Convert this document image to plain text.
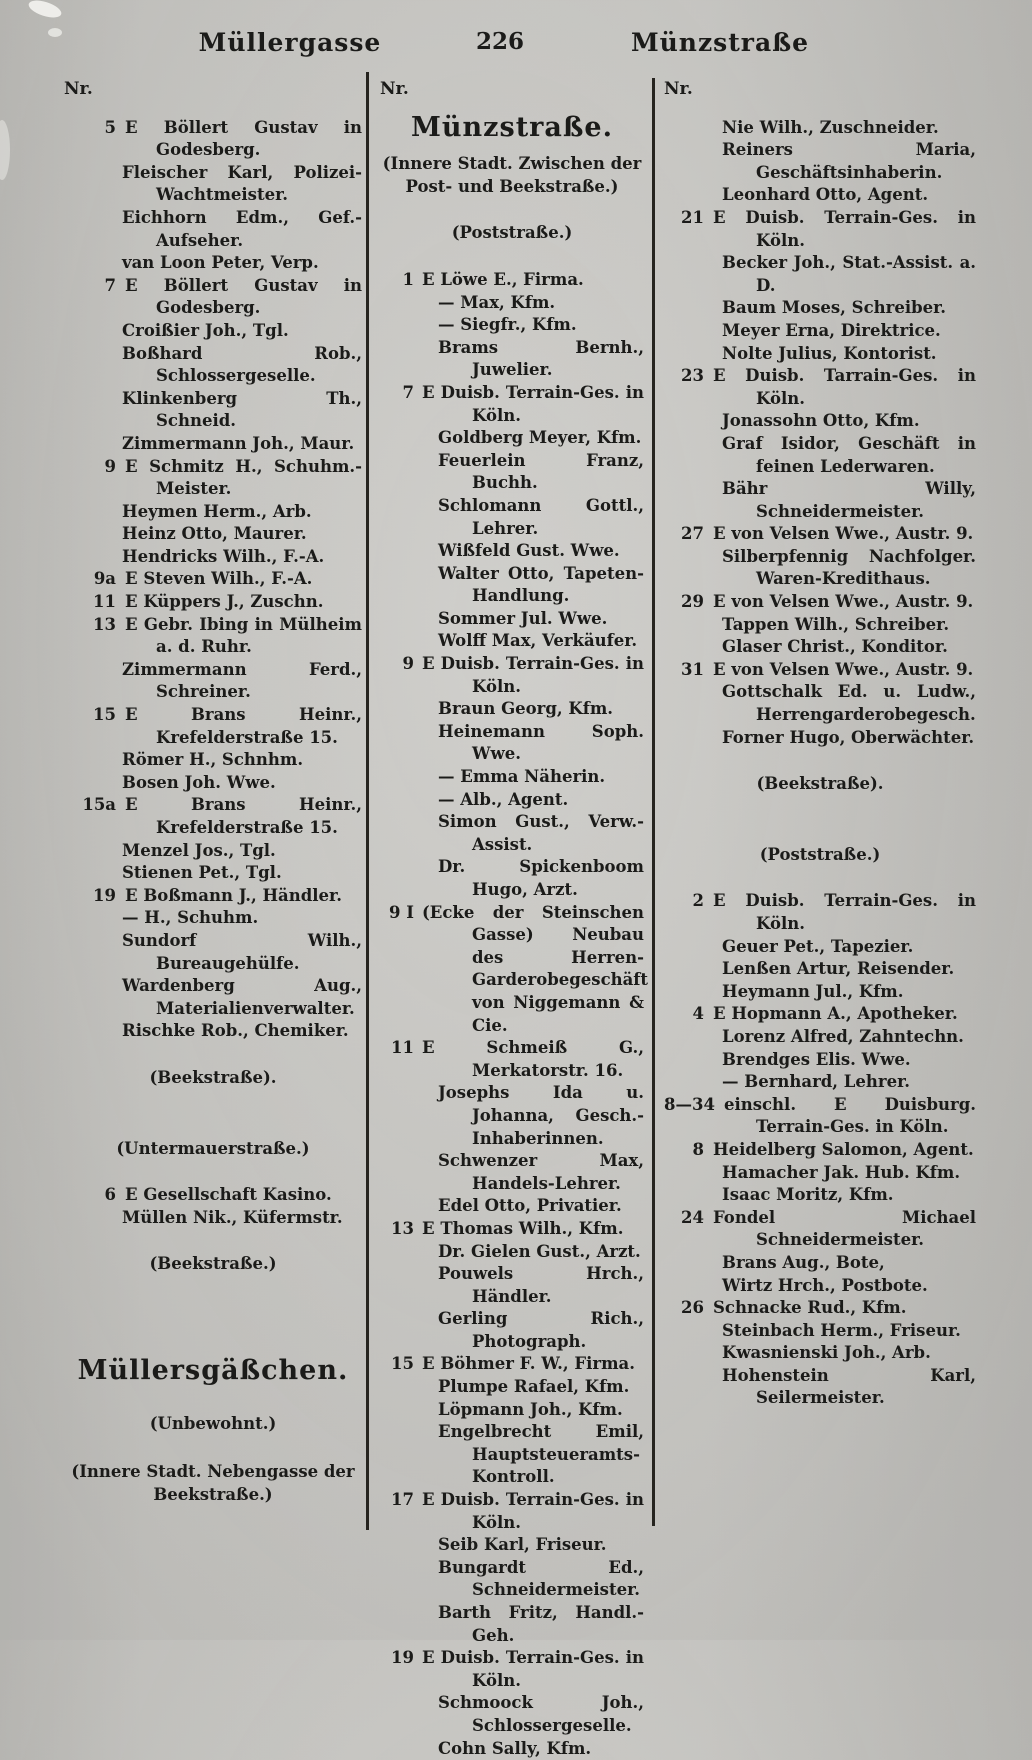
Müllergasse	226	Münzstraße
Nr.
5 E Böllert Gustav in Godesberg.
Fleischer Karl, Polizei-Wachtmeister.
Eichhorn Edm., Gef.-Aufseher.
van Loon Peter, Verp.
7 E Böllert Gustav in Godesberg.
Croißier Joh., Tgl.
Boßhard Rob., Schlossergeselle.
Klinkenberg Th., Schneid.
Zimmermann Joh., Maur.
9 E Schmitz H., Schuhm.-Meister.
Heymen Herm., Arb.
Heinz Otto, Maurer.
Hendricks Wilh., F.-A.
9a E Steven Wilh., F.-A.
11 E Küppers J., Zuschn.
13 E Gebr. Ibing in Mülheim a. d. Ruhr.
Zimmermann Ferd., Schreiner.
15 E Brans Heinr., Krefelderstraße 15.
Römer H., Schnhm.
Bosen Joh. Wwe.
15a E Brans Heinr., Krefelderstraße 15.
Menzel Jos., Tgl.
Stienen Pet., Tgl.
19 E Boßmann J., Händler.
— H., Schuhm.
Sundorf Wilh., Bureaugehülfe.
Wardenberg Aug., Materialienverwalter.
Rischke Rob., Chemiker.
(Beekstraße).
(Untermauerstraße.)
6 E Gesellschaft Kasino.
Müllen Nik., Küfermstr.
(Beekstraße.)
Müllersgäßchen.
(Unbewohnt.)
(Innere Stadt. Nebengasse der Beekstraße.)
Nr.
Münzstraße.
(Innere Stadt. Zwischen der Post- und Beekstraße.)
(Poststraße.)
1 E Löwe E., Firma.
— Max, Kfm.
— Siegfr., Kfm.
Brams Bernh., Juwelier.
7 E Duisb. Terrain-Ges. in Köln.
Goldberg Meyer, Kfm.
Feuerlein Franz, Buchh.
Schlomann Gottl., Lehrer.
Wißfeld Gust. Wwe.
Walter Otto, Tapeten-Handlung.
Sommer Jul. Wwe.
Wolff Max, Verkäufer.
9 E Duisb. Terrain-Ges. in Köln.
Braun Georg, Kfm.
Heinemann Soph. Wwe.
— Emma Näherin.
— Alb., Agent.
Simon Gust., Verw.-Assist.
Dr. Spickenboom Hugo, Arzt.
9 I (Ecke der Steinschen Gasse) Neubau des Herren-Garderobegeschäft von Niggemann & Cie.
11 E Schmeiß G., Merkatorstr. 16.
Josephs Ida u. Johanna, Gesch.-Inhaberinnen.
Schwenzer Max, Handels-Lehrer.
Edel Otto, Privatier.
13 E Thomas Wilh., Kfm.
Dr. Gielen Gust., Arzt.
Pouwels Hrch., Händler.
Gerling Rich., Photograph.
15 E Böhmer F. W., Firma.
Plumpe Rafael, Kfm.
Löpmann Joh., Kfm.
Engelbrecht Emil, Hauptsteueramts-Kontroll.
17 E Duisb. Terrain-Ges. in Köln.
Seib Karl, Friseur.
Bungardt Ed., Schneidermeister.
Barth Fritz, Handl.-Geh.
19 E Duisb. Terrain-Ges. in Köln.
Schmoock Joh., Schlossergeselle.
Cohn Sally, Kfm.
Nr.
Nie Wilh., Zuschneider.
Reiners Maria, Geschäftsinhaberin.
Leonhard Otto, Agent.
21 E Duisb. Terrain-Ges. in Köln.
Becker Joh., Stat.-Assist. a. D.
Baum Moses, Schreiber.
Meyer Erna, Direktrice.
Nolte Julius, Kontorist.
23 E Duisb. Tarrain-Ges. in Köln.
Jonassohn Otto, Kfm.
Graf Isidor, Geschäft in feinen Lederwaren.
Bähr Willy, Schneidermeister.
27 E von Velsen Wwe., Austr. 9.
Silberpfennig Nachfolger. Waren-Kredithaus.
29 E von Velsen Wwe., Austr. 9.
Tappen Wilh., Schreiber.
Glaser Christ., Konditor.
31 E von Velsen Wwe., Austr. 9.
Gottschalk Ed. u. Ludw., Herrengarderobegesch.
Forner Hugo, Oberwächter.
(Beekstraße).
(Poststraße.)
2 E Duisb. Terrain-Ges. in Köln.
Geuer Pet., Tapezier.
Lenßen Artur, Reisender.
Heymann Jul., Kfm.
4 E Hopmann A., Apotheker.
Lorenz Alfred, Zahntechn.
Brendges Elis. Wwe.
— Bernhard, Lehrer.
8—34 einschl. E Duisburg. Terrain-Ges. in Köln.
8 Heidelberg Salomon, Agent.
Hamacher Jak. Hub. Kfm.
Isaac Moritz, Kfm.
24 Fondel Michael Schneidermeister.
Brans Aug., Bote,
Wirtz Hrch., Postbote.
26 Schnacke Rud., Kfm.
Steinbach Herm., Friseur.
Kwasnienski Joh., Arb.
Hohenstein Karl, Seilermeister.
